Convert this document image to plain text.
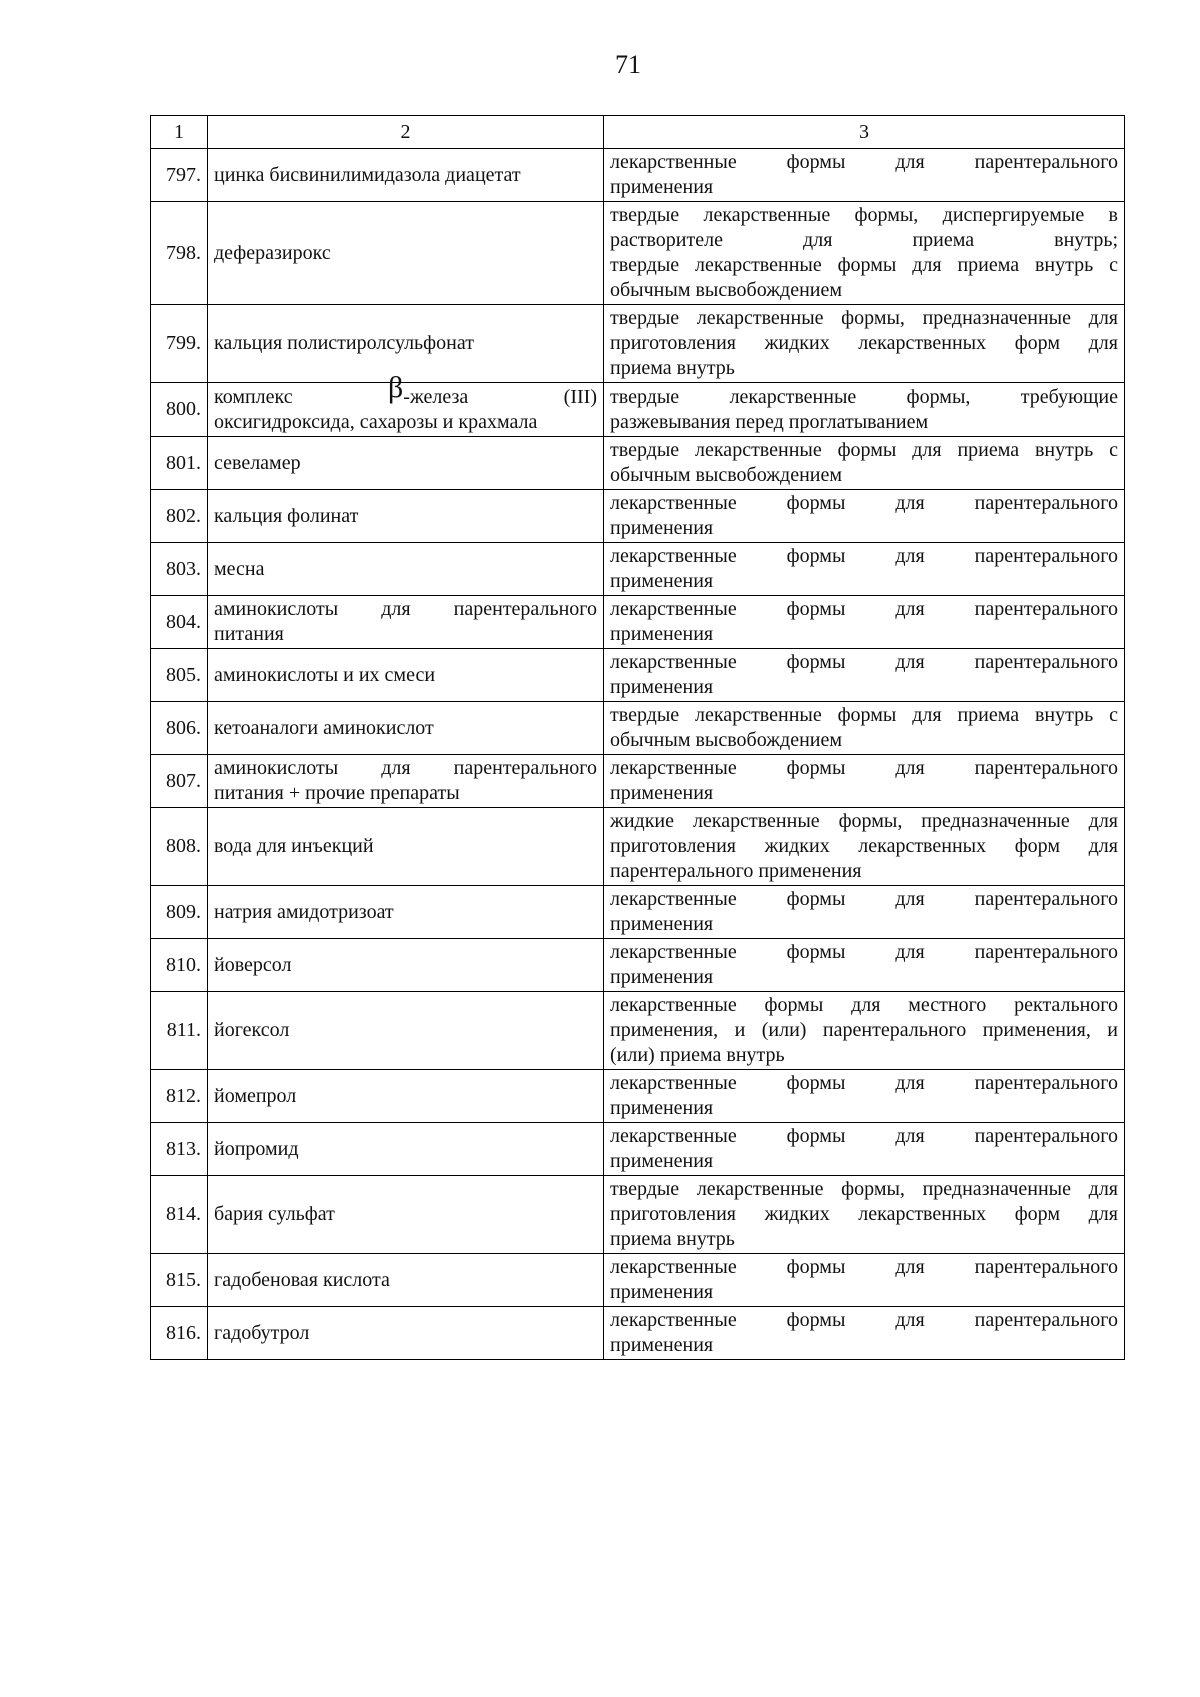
71
1	2	3
797.	цинка бисвинилимидазола диацетат	лекарственные формы для парентерального
применения

798.	деферазирокс	твердые лекарственные формы, диспергируемые в
растворителе для приема внутрь;
твердые лекарственные формы для приема внутрь с
обычным высвобождением

799.	кальция полистиролсульфонат	твердые лекарственные формы, предназначенные для
приготовления жидких лекарственных форм для
приема внутрь

800.	комплекс β-железа (III)
оксигидроксида, сахарозы и крахмала	твердые лекарственные формы, требующие
разжевывания перед проглатыванием

801.	севеламер	твердые лекарственные формы для приема внутрь с
обычным высвобождением

802.	кальция фолинат	лекарственные формы для парентерального
применения

803.	месна	лекарственные формы для парентерального
применения

804.	аминокислоты для парентерального
питания	лекарственные формы для парентерального
применения

805.	аминокислоты и их смеси	лекарственные формы для парентерального
применения

806.	кетоаналоги аминокислот	твердые лекарственные формы для приема внутрь с
обычным высвобождением

807.	аминокислоты для парентерального
питания + прочие препараты	лекарственные формы для парентерального
применения

808.	вода для инъекций	жидкие лекарственные формы, предназначенные для
приготовления жидких лекарственных форм для
парентерального применения

809.	натрия амидотризоат	лекарственные формы для парентерального
применения

810.	йоверсол	лекарственные формы для парентерального
применения

811.	йогексол	лекарственные формы для местного ректального
применения, и (или) парентерального применения, и
(или) приема внутрь

812.	йомепрол	лекарственные формы для парентерального
применения

813.	йопромид	лекарственные формы для парентерального
применения

814.	бария сульфат	твердые лекарственные формы, предназначенные для
приготовления жидких лекарственных форм для
приема внутрь

815.	гадобеновая кислота	лекарственные формы для парентерального
применения

816.	гадобутрол	лекарственные формы для парентерального
применения
